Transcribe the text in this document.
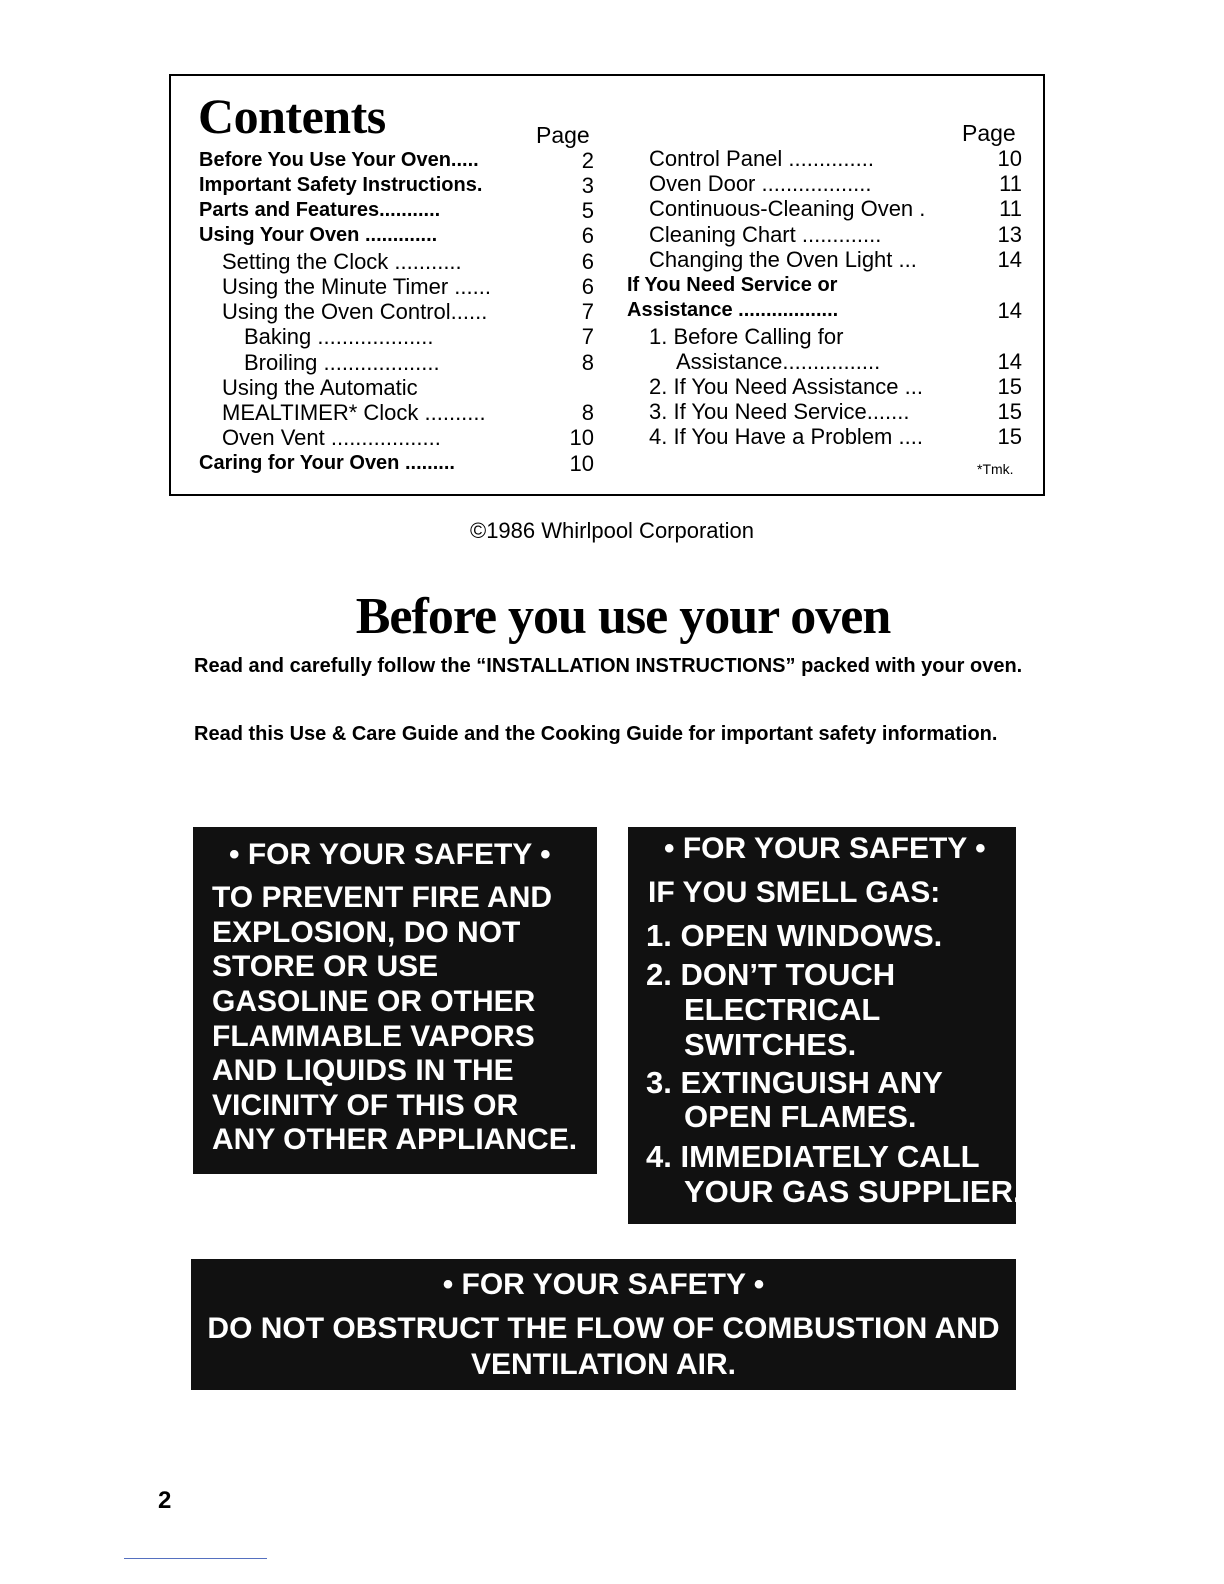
Contents	Page	Page
Before You Use Your Oven.....	2
Important Safety Instructions.	3
Parts and Features...........	5
Using Your Oven .............	6
Setting the Clock ...........	6
Using the Minute Timer ......	6
Using the Oven Control......	7
Baking ...................	7
Broiling ...................	8
Using the Automatic
MEALTIMER* Clock ..........	8
Oven Vent ..................	10
Caring for Your Oven .........	10
Control Panel ..............	10
Oven Door ..................	11
Continuous-Cleaning Oven .	11
Cleaning Chart .............	13
Changing the Oven Light ...	14
If You Need Service or
Assistance ..................	14
1. Before Calling for
Assistance................	14
2. If You Need Assistance ...	15
3. If You Need Service.......	15
4. If You Have a Problem ....	15
*Tmk.
©1986 Whirlpool Corporation
Before you use your oven
Read and carefully follow the “INSTALLATION INSTRUCTIONS” packed with your oven.
Read this Use & Care Guide and the Cooking Guide for important safety information.
• FOR YOUR SAFETY •
TO PREVENT FIRE AND
EXPLOSION, DO NOT
STORE OR USE
GASOLINE OR OTHER
FLAMMABLE VAPORS
AND LIQUIDS IN THE
VICINITY OF THIS OR
ANY OTHER APPLIANCE.
• FOR YOUR SAFETY •
IF YOU SMELL GAS:
1. OPEN WINDOWS.
2. DON’T TOUCH
ELECTRICAL
SWITCHES.
3. EXTINGUISH ANY
OPEN FLAMES.
4. IMMEDIATELY CALL
YOUR GAS SUPPLIER.
• FOR YOUR SAFETY •
DO NOT OBSTRUCT THE FLOW OF COMBUSTION AND
VENTILATION AIR.
2
